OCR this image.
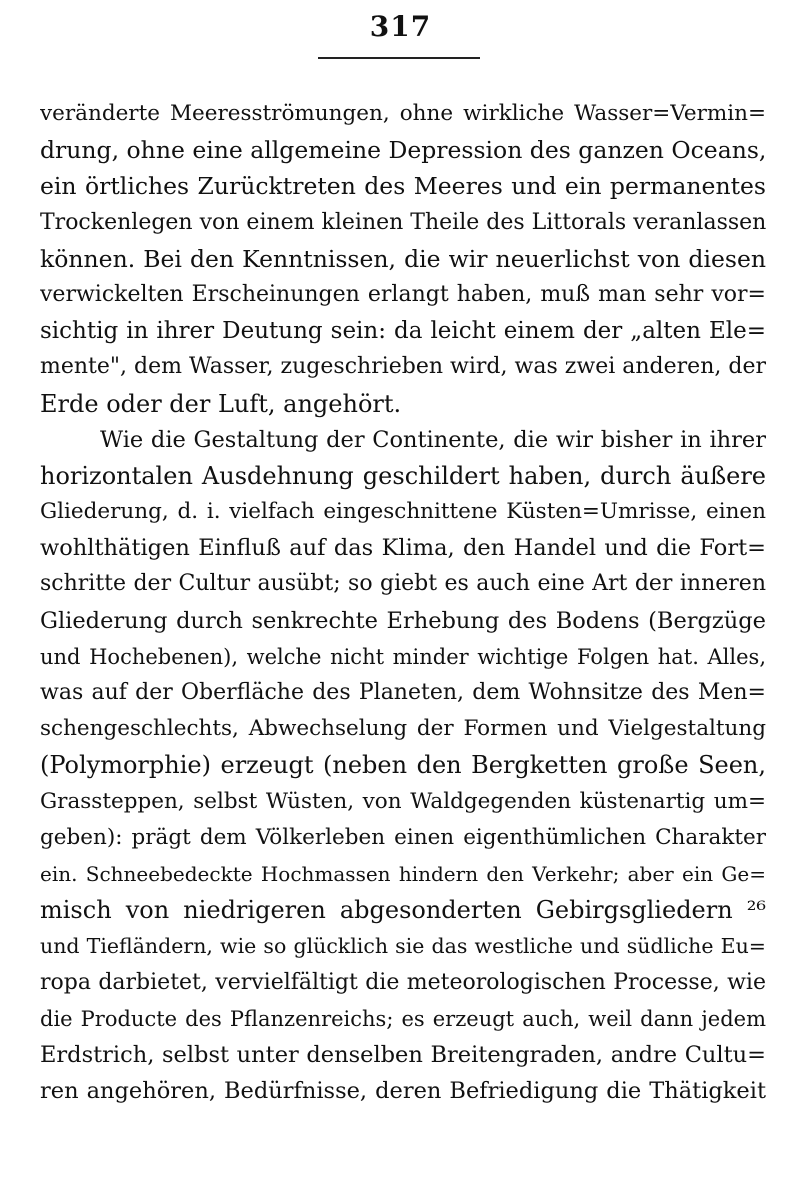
317
veränderte Meeresströmungen, ohne wirkliche Wasser=Vermin=
drung, ohne eine allgemeine Depression des ganzen Oceans,
ein örtliches Zurücktreten des Meeres und ein permanentes
Trockenlegen von einem kleinen Theile des Littorals veranlassen
können. Bei den Kenntnissen, die wir neuerlichst von diesen
verwickelten Erscheinungen erlangt haben, muß man sehr vor=
sichtig in ihrer Deutung sein: da leicht einem der „alten Ele=
mente", dem Wasser, zugeschrieben wird, was zwei anderen, der
Erde oder der Luft, angehört.
Wie die Gestaltung der Continente, die wir bisher in ihrer
horizontalen Ausdehnung geschildert haben, durch äußere
Gliederung, d. i. vielfach eingeschnittene Küsten=Umrisse, einen
wohlthätigen Einfluß auf das Klima, den Handel und die Fort=
schritte der Cultur ausübt; so giebt es auch eine Art der inneren
Gliederung durch senkrechte Erhebung des Bodens (Bergzüge
und Hochebenen), welche nicht minder wichtige Folgen hat. Alles,
was auf der Oberfläche des Planeten, dem Wohnsitze des Men=
schengeschlechts, Abwechselung der Formen und Vielgestaltung
(Polymorphie) erzeugt (neben den Bergketten große Seen,
Grassteppen, selbst Wüsten, von Waldgegenden küstenartig um=
geben): prägt dem Völkerleben einen eigenthümlichen Charakter
ein. Schneebedeckte Hochmassen hindern den Verkehr; aber ein Ge=
misch von niedrigeren abgesonderten Gebirgsgliedern ²⁶
und Tiefländern, wie so glücklich sie das westliche und südliche Eu=
ropa darbietet, vervielfältigt die meteorologischen Processe, wie
die Producte des Pflanzenreichs; es erzeugt auch, weil dann jedem
Erdstrich, selbst unter denselben Breitengraden, andre Cultu=
ren angehören, Bedürfnisse, deren Befriedigung die Thätigkeit
